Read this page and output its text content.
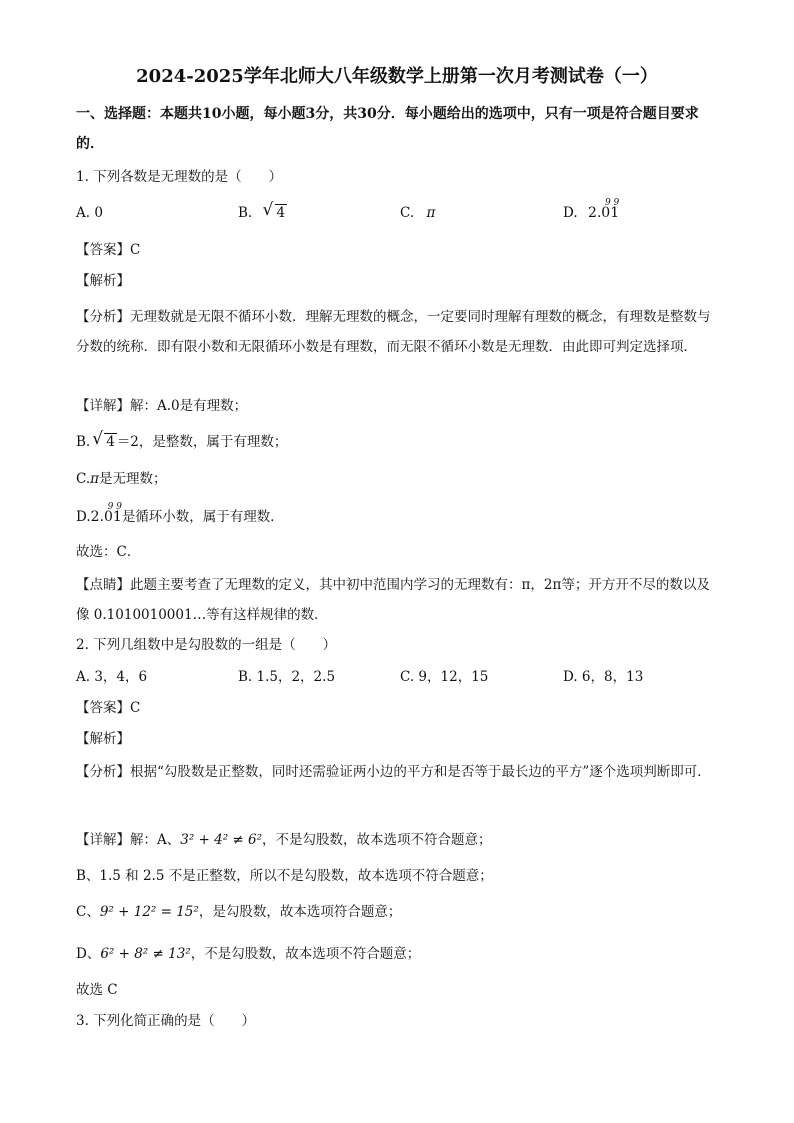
2024-2025学年北师大八年级数学上册第一次月考测试卷（一）
一、选择题：本题共10小题，每小题3分，共30分．每小题给出的选项中，只有一项是符合题目要求的．
1. 下列各数是无理数的是（　　）
A. 0	B. √ 4	C. π	D.
9 9
2.01
【答案】C
【解析】
【分析】无理数就是无限不循环小数．理解无理数的概念，一定要同时理解有理数的概念，有理数是整数与分数的统称．即有限小数和无限循环小数是有理数，而无限不循环小数是无理数．由此即可判定选择项．
【详解】解：A.0是有理数；
B. √ 4 ＝2，是整数，属于有理数；
C.π是无理数；
D.
9 9
2.01是循环小数，属于有理数．
故选：C．
【点睛】此题主要考查了无理数的定义，其中初中范围内学习的无理数有：π，2π等；开方开不尽的数以及像 0.1010010001…等有这样规律的数．
2. 下列几组数中是勾股数的一组是（　　）
A. 3，4，6	B. 1.5，2，2.5	C. 9，12，15	D. 6，8，13
【答案】C
【解析】
【分析】根据“勾股数是正整数，同时还需验证两小边的平方和是否等于最长边的平方”逐个选项判断即可．
【详解】解：A、3² + 4² ≠ 6²，不是勾股数，故本选项不符合题意；
B、1.5 和 2.5 不是正整数，所以不是勾股数，故本选项不符合题意；
C、9² + 12² = 15²，是勾股数，故本选项符合题意；
D、6² + 8² ≠ 13²，不是勾股数，故本选项不符合题意；
故选 C
3. 下列化简正确的是（　　）
